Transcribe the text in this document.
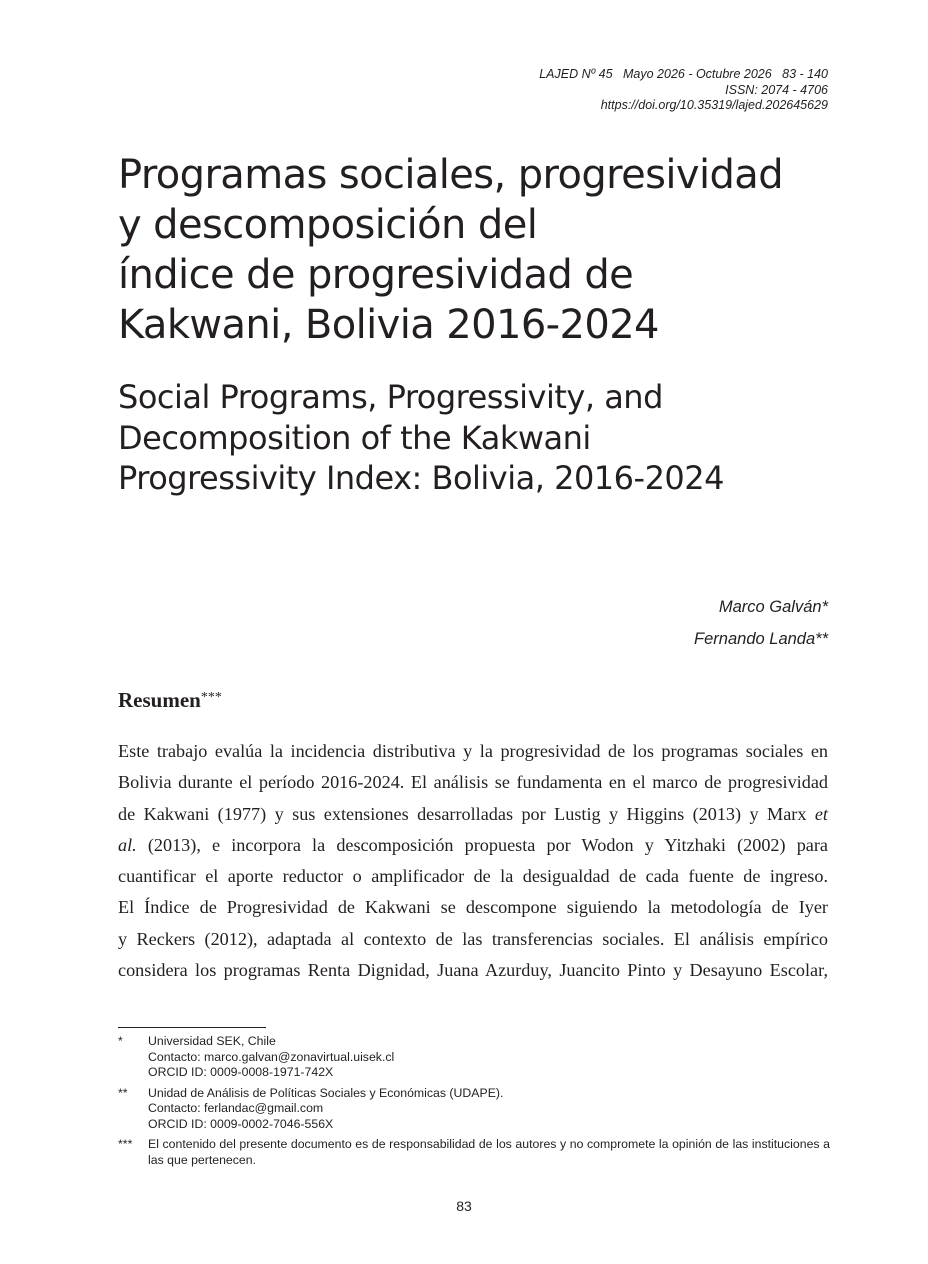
LAJED Nº 45   Mayo 2026 - Octubre 2026   83 - 140
ISSN: 2074 - 4706
https://doi.org/10.35319/lajed.202645629
Programas sociales, progresividad
y descomposición del
índice de progresividad de
Kakwani, Bolivia 2016-2024
Social Programs, Progressivity, and
Decomposition of the Kakwani
Progressivity Index: Bolivia, 2016-2024
Marco Galván*
Fernando Landa**
Resumen***
Este trabajo evalúa la incidencia distributiva y la progresividad de los programas sociales en
Bolivia durante el período 2016-2024. El análisis se fundamenta en el marco de progresividad
de Kakwani (1977) y sus extensiones desarrolladas por Lustig y Higgins (2013) y Marx et
al. (2013), e incorpora la descomposición propuesta por Wodon y Yitzhaki (2002) para
cuantificar el aporte reductor o amplificador de la desigualdad de cada fuente de ingreso.
El Índice de Progresividad de Kakwani se descompone siguiendo la metodología de Iyer
y Reckers (2012), adaptada al contexto de las transferencias sociales. El análisis empírico
considera los programas Renta Dignidad, Juana Azurduy, Juancito Pinto y Desayuno Escolar,
* Universidad SEK, Chile
Contacto: marco.galvan@zonavirtual.uisek.cl
ORCID ID: 0009-0008-1971-742X
** Unidad de Análisis de Políticas Sociales y Económicas (UDAPE).
Contacto: ferlandac@gmail.com
ORCID ID: 0009-0002-7046-556X
*** El contenido del presente documento es de responsabilidad de los autores y no compromete la opinión de las instituciones a las que pertenecen.
83
